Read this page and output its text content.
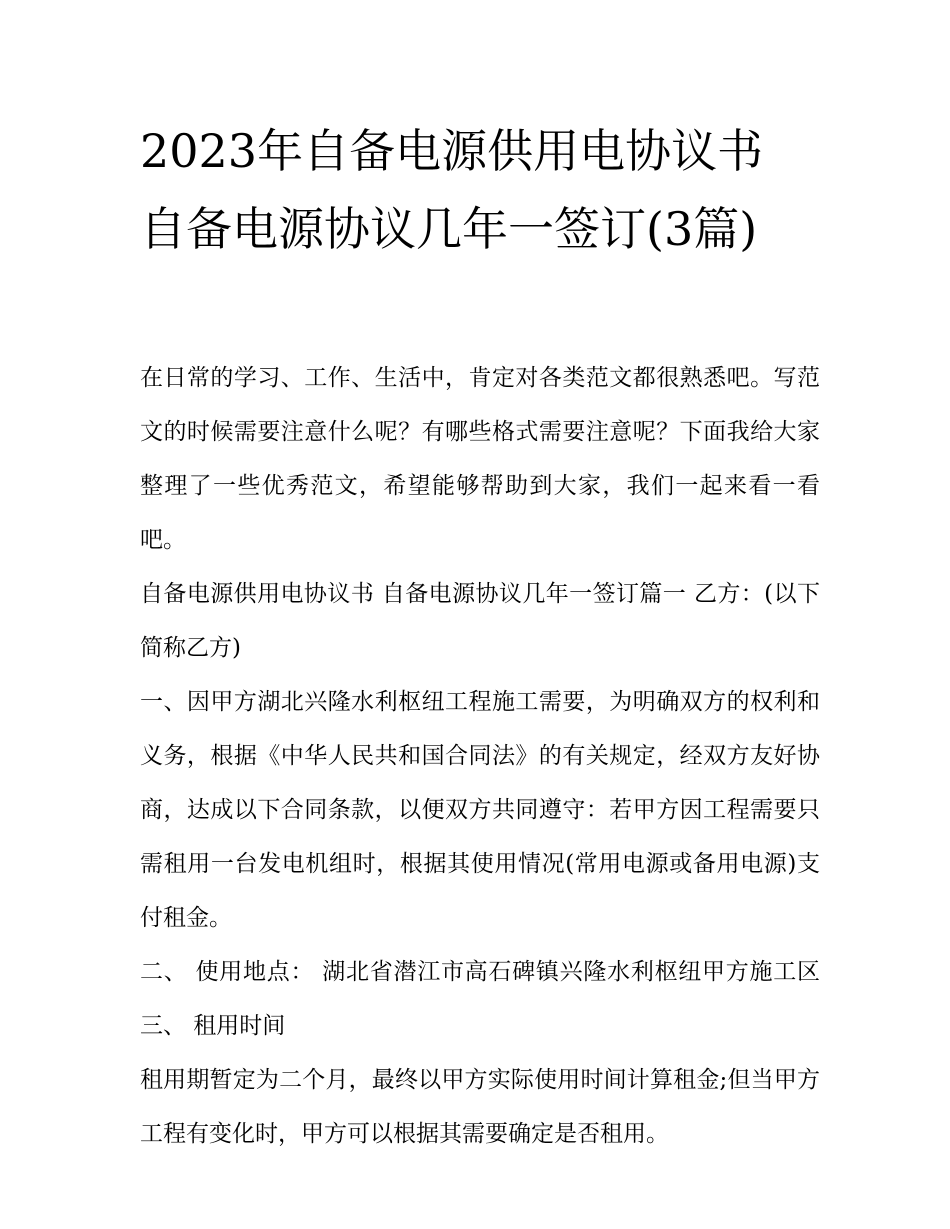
2023年自备电源供用电协议书 自备电源协议几年一签订(3篇)

在日常的学习、工作、生活中，肯定对各类范文都很熟悉吧。写范文的时候需要注意什么呢？有哪些格式需要注意呢？下面我给大家整理了一些优秀范文，希望能够帮助到大家，我们一起来看一看吧。

自备电源供用电协议书 自备电源协议几年一签订篇一 乙方：(以下简称乙方)

一、因甲方湖北兴隆水利枢纽工程施工需要，为明确双方的权利和义务，根据《中华人民共和国合同法》的有关规定，经双方友好协商，达成以下合同条款，以便双方共同遵守：若甲方因工程需要只需租用一台发电机组时，根据其使用情况(常用电源或备用电源)支付租金。

二、 使用地点： 湖北省潜江市高石碑镇兴隆水利枢纽甲方施工区 三、 租用时间

租用期暂定为二个月，最终以甲方实际使用时间计算租金;但当甲方工程有变化时，甲方可以根据其需要确定是否租用。
